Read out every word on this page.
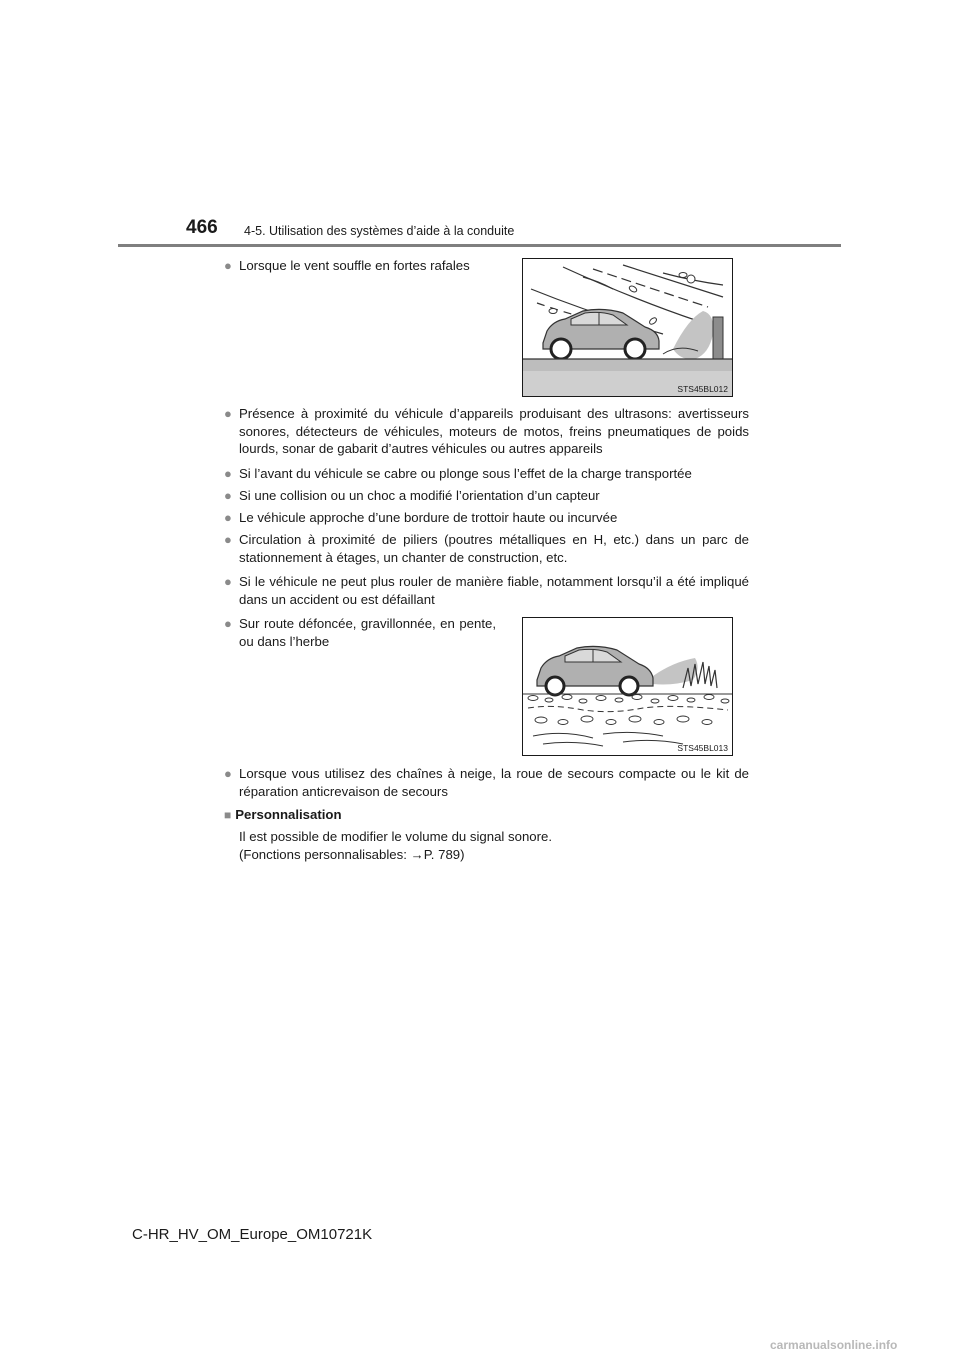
466 4-5. Utilisation des systèmes d’aide à la conduite
● Lorsque le vent souffle en fortes rafales
STS45BL012
● Présence à proximité du véhicule d’appareils produisant des ultrasons: avertisseurs sonores, détecteurs de véhicules, moteurs de motos, freins pneumatiques de poids lourds, sonar de gabarit d’autres véhicules ou autres appareils
● Si l’avant du véhicule se cabre ou plonge sous l’effet de la charge transportée
● Si une collision ou un choc a modifié l’orientation d’un capteur
● Le véhicule approche d’une bordure de trottoir haute ou incurvée
● Circulation à proximité de piliers (poutres métalliques en H, etc.) dans un parc de stationnement à étages, un chanter de construction, etc.
● Si le véhicule ne peut plus rouler de manière fiable, notamment lorsqu’il a été impliqué dans un accident ou est défaillant
● Sur route défoncée, gravillonnée, en pente, ou dans l’herbe
STS45BL013
● Lorsque vous utilisez des chaînes à neige, la roue de secours compacte ou le kit de réparation anticrevaison de secours
■ Personnalisation
Il est possible de modifier le volume du signal sonore.
(Fonctions personnalisables: →P. 789)
C-HR_HV_OM_Europe_OM10721K
carmanualsonline.info
